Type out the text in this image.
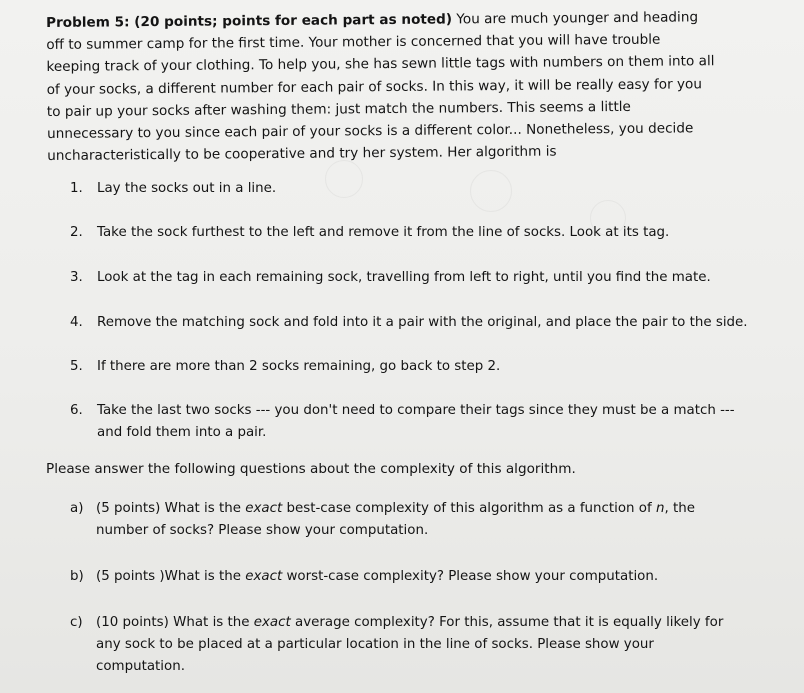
Problem 5: (20 points; points for each part as noted) You are much younger and heading off to summer camp for the first time. Your mother is concerned that you will have trouble keeping track of your clothing. To help you, she has sewn little tags with numbers on them into all of your socks, a different number for each pair of socks. In this way, it will be really easy for you to pair up your socks after washing them: just match the numbers. This seems a little unnecessary to you since each pair of your socks is a different color... Nonetheless, you decide uncharacteristically to be cooperative and try her system. Her algorithm is
1. Lay the socks out in a line.
2. Take the sock furthest to the left and remove it from the line of socks. Look at its tag.
3. Look at the tag in each remaining sock, travelling from left to right, until you find the mate.
4. Remove the matching sock and fold into it a pair with the original, and place the pair to the side.
5. If there are more than 2 socks remaining, go back to step 2.
6. Take the last two socks --- you don't need to compare their tags since they must be a match --- and fold them into a pair.
Please answer the following questions about the complexity of this algorithm.
a) (5 points) What is the exact best-case complexity of this algorithm as a function of n, the number of socks? Please show your computation.
b) (5 points )What is the exact worst-case complexity? Please show your computation.
c) (10 points) What is the exact average complexity? For this, assume that it is equally likely for any sock to be placed at a particular location in the line of socks. Please show your computation.
